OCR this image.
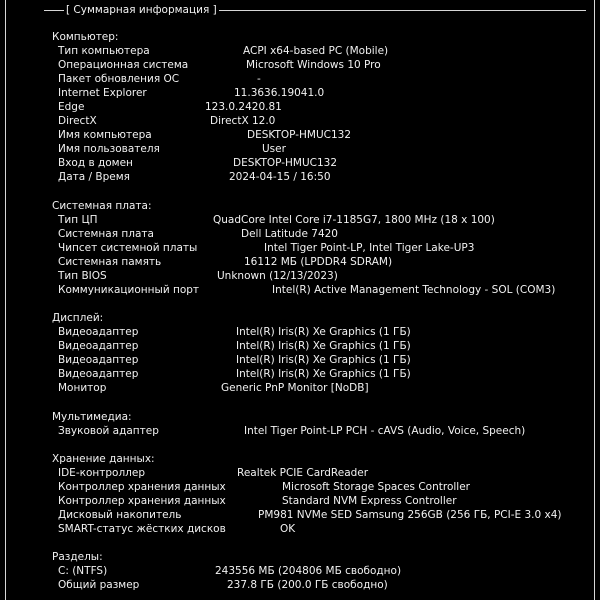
[ Суммарная информация ]
Компьютер:
Тип компьютера	ACPI x64-based PC (Mobile)
Операционная система	Microsoft Windows 10 Pro
Пакет обновления ОС	-
Internet Explorer	11.3636.19041.0
Edge	123.0.2420.81
DirectX	DirectX 12.0
Имя компьютера	DESKTOP-HMUC132
Имя пользователя	User
Вход в домен	DESKTOP-HMUC132
Дата / Время	2024-04-15 / 16:50
Системная плата:
Тип ЦП	QuadCore Intel Core i7-1185G7, 1800 MHz (18 x 100)
Системная плата	Dell Latitude 7420
Чипсет системной платы	Intel Tiger Point-LP, Intel Tiger Lake-UP3
Системная память	16112 МБ (LPDDR4 SDRAM)
Тип BIOS	Unknown (12/13/2023)
Коммуникационный порт	Intel(R) Active Management Technology - SOL (COM3)
Дисплей:
Видеоадаптер	Intel(R) Iris(R) Xe Graphics (1 ГБ)
Видеоадаптер	Intel(R) Iris(R) Xe Graphics (1 ГБ)
Видеоадаптер	Intel(R) Iris(R) Xe Graphics (1 ГБ)
Видеоадаптер	Intel(R) Iris(R) Xe Graphics (1 ГБ)
Монитор	Generic PnP Monitor [NoDB]
Мультимедиа:
Звуковой адаптер	Intel Tiger Point-LP PCH - cAVS (Audio, Voice, Speech)
Хранение данных:
IDE-контроллер	Realtek PCIE CardReader
Контроллер хранения данных	Microsoft Storage Spaces Controller
Контроллер хранения данных	Standard NVM Express Controller
Дисковый накопитель	PM981 NVMe SED Samsung 256GB (256 ГБ, PCI-E 3.0 x4)
SMART-статус жёстких дисков	OK
Разделы:
C: (NTFS)	243556 МБ (204806 МБ свободно)
Общий размер	237.8 ГБ (200.0 ГБ свободно)
